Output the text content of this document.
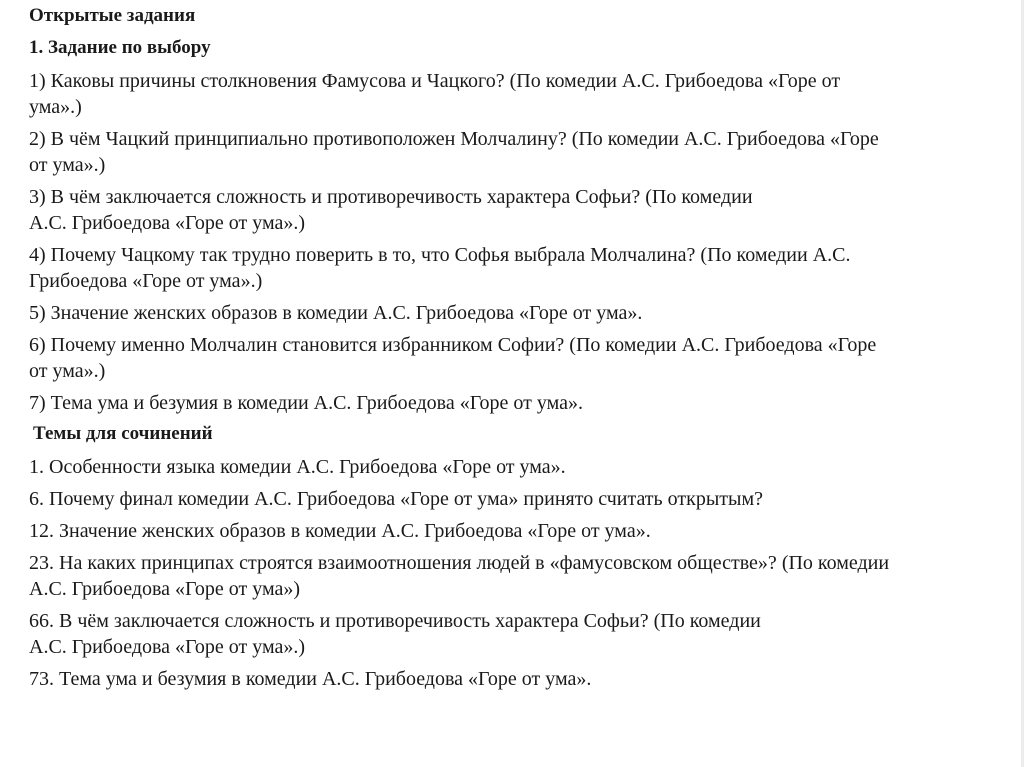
Открытые задания
1. Задание по выбору
1) Каковы причины столкновения Фамусова и Чацкого? (По комедии А.С. Грибоедова «Горе от
ума».)
2) В чём Чацкий принципиально противоположен Молчалину? (По комедии А.С. Грибоедова «Горе
от ума».)
3) В чём заключается сложность и противоречивость характера Софьи? (По комедии
А.С. Грибоедова «Горе от ума».)
4) Почему Чацкому так трудно поверить в то, что Софья выбрала Молчалина? (По комедии А.С.
Грибоедова «Горе от ума».)
5) Значение женских образов в комедии А.С. Грибоедова «Горе от ума».
6) Почему именно Молчалин становится избранником Софии? (По комедии А.С. Грибоедова «Горе
от ума».)
7) Тема ума и безумия в комедии А.С. Грибоедова «Горе от ума».
Темы для сочинений
1. Особенности языка комедии А.С. Грибоедова «Горе от ума».
6. Почему финал комедии А.С. Грибоедова «Горе от ума» принято считать открытым?
12. Значение женских образов в комедии А.С. Грибоедова «Горе от ума».
23. На каких принципах строятся взаимоотношения людей в «фамусовском обществе»? (По комедии
А.С. Грибоедова «Горе от ума»)
66. В чём заключается сложность и противоречивость характера Софьи? (По комедии
А.С. Грибоедова «Горе от ума».)
73. Тема ума и безумия в комедии А.С. Грибоедова «Горе от ума».
